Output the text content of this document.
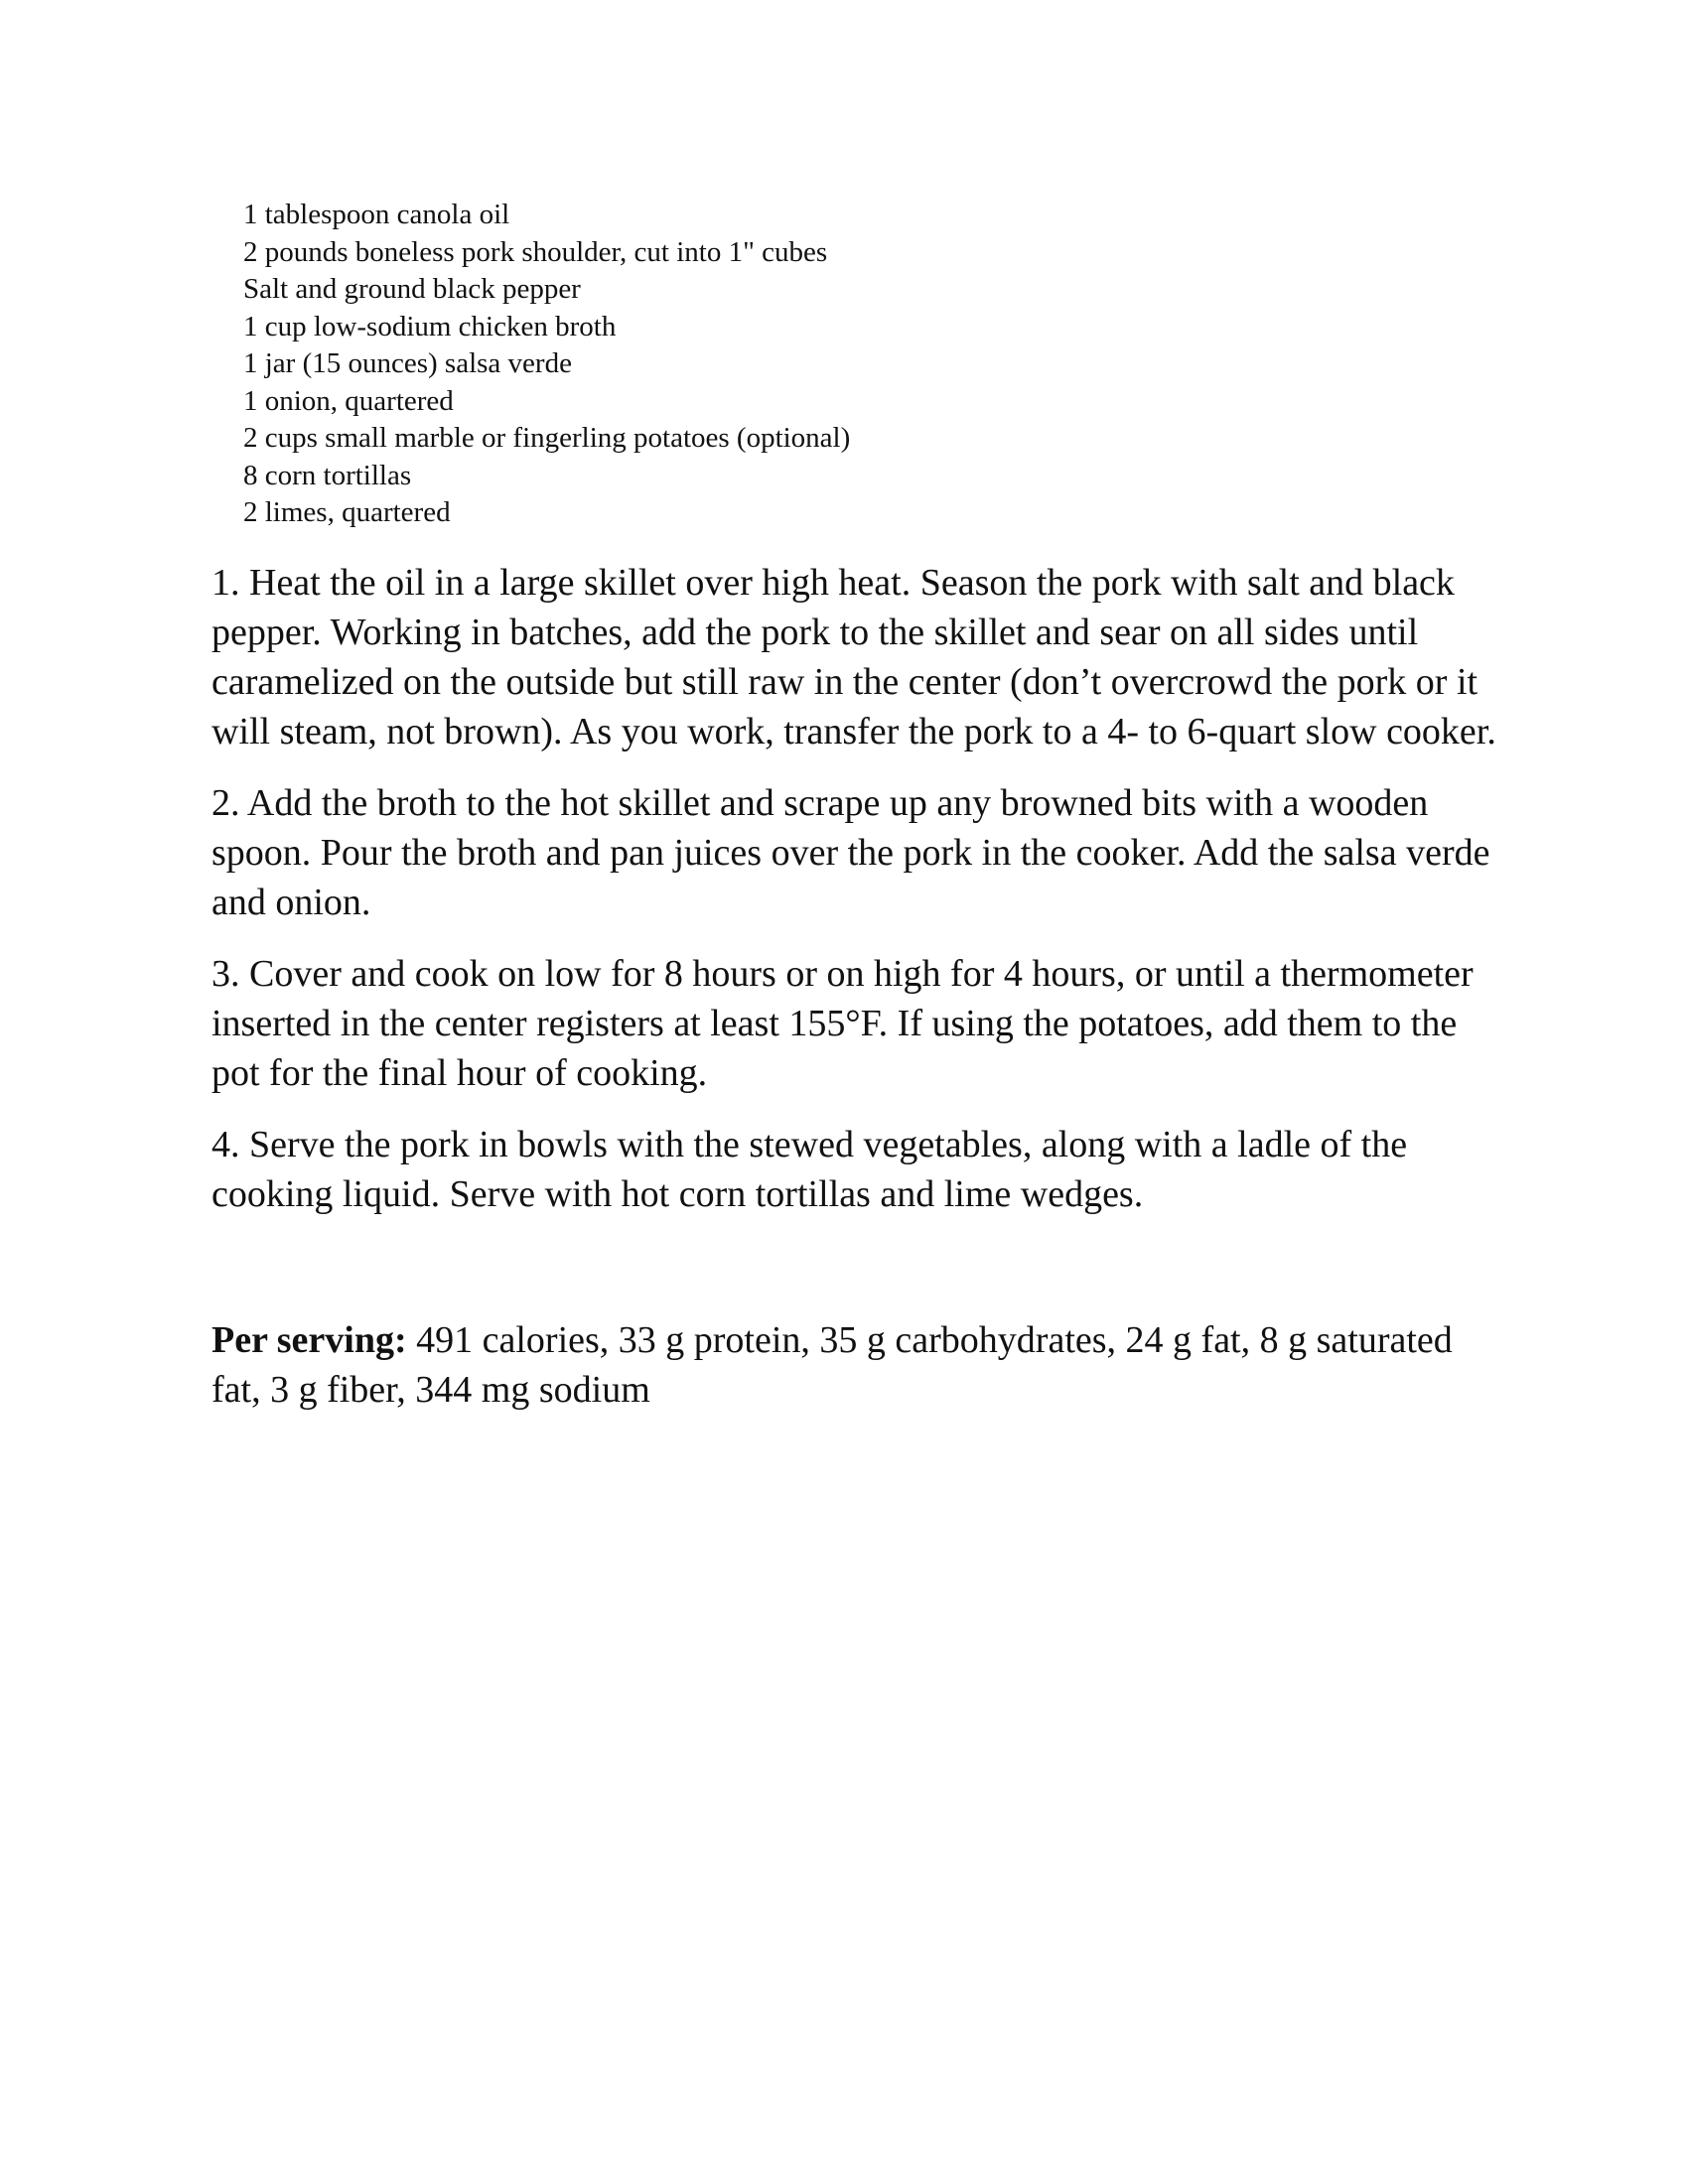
1 tablespoon canola oil
2 pounds boneless pork shoulder, cut into 1" cubes
Salt and ground black pepper
1 cup low-sodium chicken broth
1 jar (15 ounces) salsa verde
1 onion, quartered
2 cups small marble or fingerling potatoes (optional)
8 corn tortillas
2 limes, quartered

1. Heat the oil in a large skillet over high heat. Season the pork with salt and black pepper. Working in batches, add the pork to the skillet and sear on all sides until caramelized on the outside but still raw in the center (don’t overcrowd the pork or it will steam, not brown). As you work, transfer the pork to a 4- to 6-quart slow cooker.

2. Add the broth to the hot skillet and scrape up any browned bits with a wooden spoon. Pour the broth and pan juices over the pork in the cooker. Add the salsa verde and onion.

3. Cover and cook on low for 8 hours or on high for 4 hours, or until a thermometer inserted in the center registers at least 155°F. If using the potatoes, add them to the pot for the final hour of cooking.

4. Serve the pork in bowls with the stewed vegetables, along with a ladle of the cooking liquid. Serve with hot corn tortillas and lime wedges.

Per serving: 491 calories, 33 g protein, 35 g carbohydrates, 24 g fat, 8 g saturated fat, 3 g fiber, 344 mg sodium
